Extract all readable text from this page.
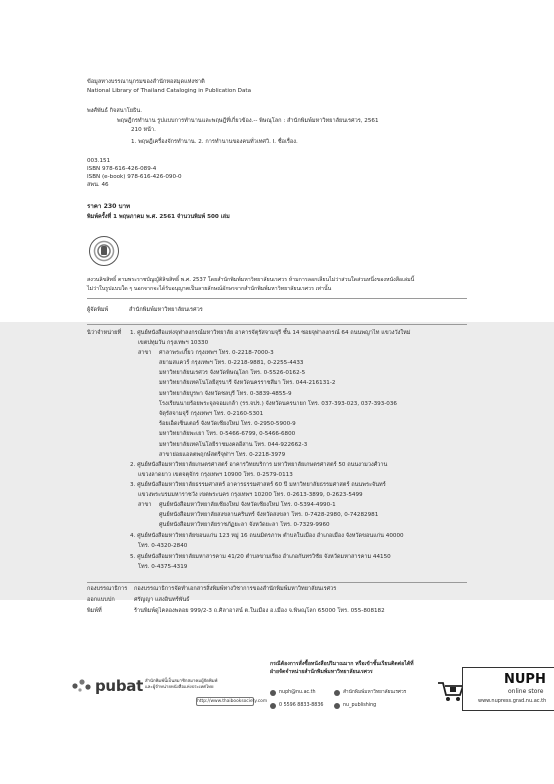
ข้อมูลทางบรรณานุกรมของสำนักหอสมุดแห่งชาติ
National Library of Thailand Cataloging in Publication Data
พงศ์พันธ์ กิจสนาโยธิน.
พฤษฎีกรทำนาน รูปแบบการทำนานและพฤษฎีที่เกี่ยวข้อง.-- พิษณุโลก : สำนักพิมพ์มหาวิทยาลัยนเรศวร, 2561
210 หน้า.
1. พฤษฎีเครื่องจักรทำนาน. 2. การทำนานของคนทั่วเทศวิ. I. ชื่อเรื่อง.
003.151
ISBN 978-616-426-089-4
ISBN (e-book) 978-616-426-090-0
สพน. 46
ราคา 230 บาท
พิมพ์ครั้งที่ 1 พฤษภาคม พ.ศ. 2561 จำนวนพิมพ์ 500 เล่ม
สงวนลิขสิทธิ์ ตามพระราชบัญญัติลิขสิทธิ์ พ.ศ. 2537 โดยสำนักพิมพ์มหาวิทยาลัยนเรศวร ห้ามการลอกเลียนไม่ว่าส่วนใดส่วนหนึ่งของหนังสือเล่มนี้
ไม่ว่าในรูปแบบใด ๆ นอกจากจะได้รับอนุญาตเป็นลายลักษณ์อักษรจากสำนักพิมพ์มหาวิทยาลัยนเรศวร เท่านั้น
ผู้จัดพิมพ์	สำนักพิมพ์มหาวิทยาลัยนเรศวร
นิว่าจำหน่ายที่ 1. ศูนย์หนังสือแห่งจุฬาลงกรณ์มหาวิทยาลัย อาคารจัตุรัสจามจุรี ชั้น 14 ซอยจุฬาลงกรณ์ 64 ถนนพญาไท แขวงวังใหม่
เขตปทุมวัน กรุงเทพฯ 10330
สาขา ศาลาพระเกี้ยว กรุงเทพฯ โทร. 0-2218-7000-3
สยามสแควร์ กรุงเทพฯ โทร. 0-2218-9881, 0-2255-4433
มหาวิทยาลัยนเรศวร จังหวัดพิษณุโลก โทร. 0-5526-0162-5
มหาวิทยาลัยเทคโนโลยีสุรนารี จังหวัดนครราชสีมา โทร. 044-216131-2
มหาวิทยาลัยบูรพา จังหวัดชลบุรี โทร. 0-3839-4855-9
โรงเรียนนายร้อยพระจุลจอมเกล้า (รร.จปร.) จังหวัดนครนายก โทร. 037-393-023, 037-393-036
จัตุรัสจามจุรี กรุงเทพฯ โทร. 0-2160-5301
ร้อยเอ็ดเซ็นเตอร์ จังหวัดเชียงใหม่ โทร. 0-2950-5900-9
มหาวิทยาลัยพะเยา โทร. 0-5466-6799, 0-5466-6800
มหาวิทยาลัยเทคโนโลยีราชมงคลอีสาน โทร. 044-922662-3
สาขาย่อยแอลตพฤกษ์สตรีจุฬาฯ โทร. 0-2218-3979
2. ศูนย์หนังสือมหาวิทยาลัยเกษตรศาสตร์ อาคารวิทยบริการ มหาวิทยาลัยเกษตรศาสตร์ 50 ถนนงามวงศ์วาน
แขวงลาดยาว เขตจตุจักร กรุงเทพฯ 10900 โทร. 0-2579-0113
3. ศูนย์หนังสือมหาวิทยาลัยธรรมศาสตร์ อาคารธรรมศาสตร์ 60 ปี มหาวิทยาลัยธรรมศาสตร์ ถนนพระจันทร์
แขวงพระบรมมหาราชวัง เขตพระนคร กรุงเทพฯ 10200 โทร. 0-2613-3899, 0-2623-5499
สาขา ศูนย์หนังสือมหาวิทยาลัยเชียงใหม่ จังหวัดเชียงใหม่ โทร. 0-5394-4990-1
ศูนย์หนังสือมหาวิทยาลัยสงขลานครินทร์ จังหวัดสงขลา โทร. 0-7428-2980, 0-74282981
ศูนย์หนังสือมหาวิทยาลัยราชภัฏยะลา จังหวัดยะลา โทร. 0-7329-9960
4. ศูนย์หนังสือมหาวิทยาลัยขอนแก่น 123 หมู่ 16 ถนนมิตรภาพ ตำบลในเมือง อำเภอเมือง จังหวัดขอนแก่น 40000
โทร. 0-4320-2840
5. ศูนย์หนังสือมหาวิทยาลัยมหาสารคาม 41/20 ตำบลขามเรียง อำเภอกันทรวิชัย จังหวัดมหาสารคาม 44150
โทร. 0-4375-4319
กองบรรณาธิการ กองบรรณาธิการจัดทำเอกสารสิ่งพิมพ์ทางวิชาการของสำนักพิมพ์มหาวิทยาลัยนเรศวร
ออกแบบปก	ศรัญญา แสงอินทร์พันธ์
พิมพ์ที่	ร้านพิมพ์ดูไคลองพลอย 999/2-3 ถ.ศิลาอาสน์ ต.ในเมือง อ.เมือง จ.พิษณุโลก 65000 โทร. 055-808182
pubat สำนักพิมพ์นี้เป็นสมาชิกสมาคมผู้จัดพิมพ์
และผู้จำหน่ายหนังสือแห่งประเทศไทย
http://www.thaibooksociety.com
กรณีต้องการสั่งซื้อหนังสือปริมาณมาก หรือเข้าชั้นเรียนติดต่อได้ที่
ฝ่ายจัดจำหน่ายสำนักพิมพ์มหาวิทยาลัยนเรศวร
nuph@nu.ac.th	สำนักพิมพ์มหาวิทยาลัยนเรศวร
0 5596 8833-8836	nu_publishing
NUPH
online store
www.nupress.grad.nu.ac.th
